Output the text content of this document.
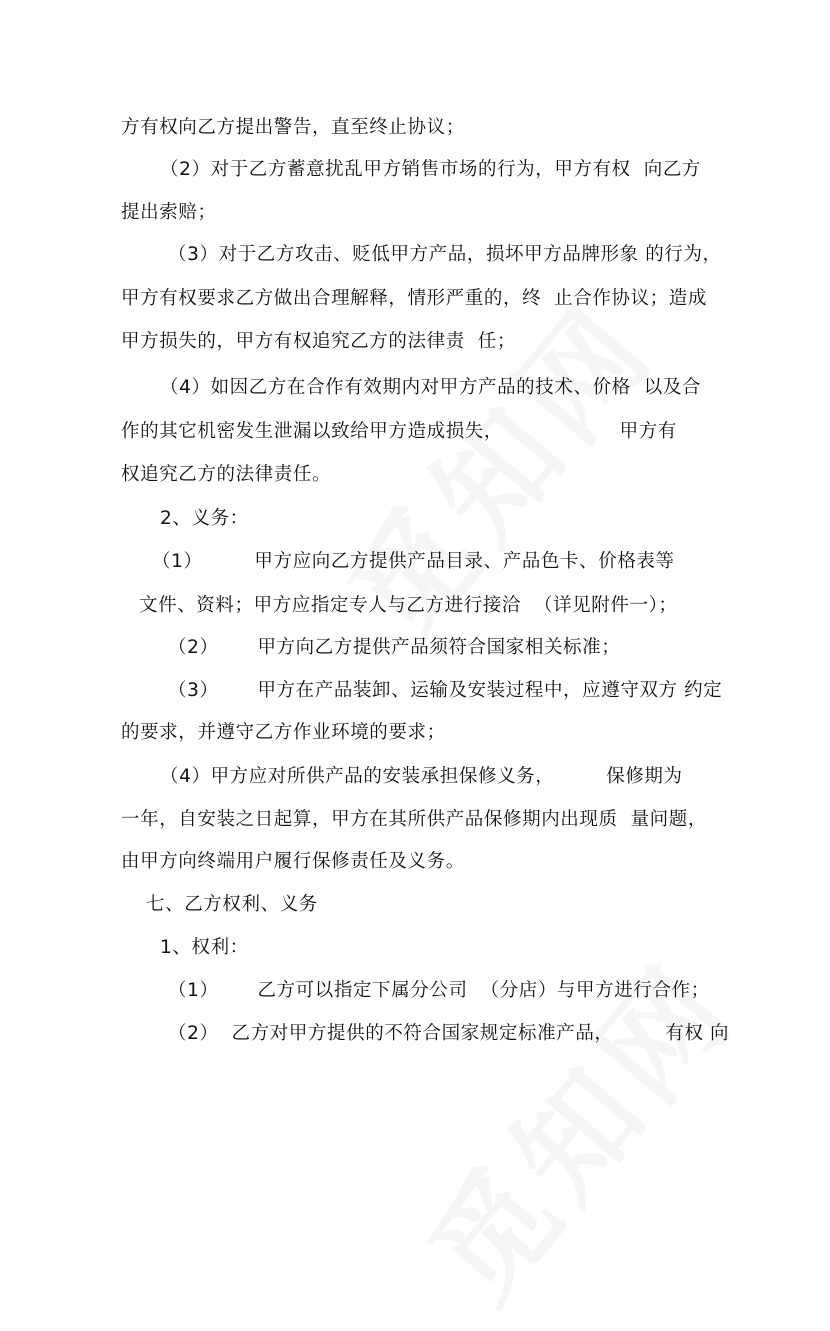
方有权向乙方提出警告，直至终止协议；
（2）对于乙方蓄意扰乱甲方销售市场的行为，甲方有权  向乙方
提出索赔；
（3）对于乙方攻击、贬低甲方产品，损坏甲方品牌形象 的行为，
甲方有权要求乙方做出合理解释，情形严重的，终  止合作协议；造成
甲方损失的，甲方有权追究乙方的法律责  任；
（4）如因乙方在合作有效期内对甲方产品的技术、价格  以及合
作的其它机密发生泄漏以致给甲方造成损失，                  甲方有
权追究乙方的法律责任。
2、义务：
（1）        甲方应向乙方提供产品目录、产品色卡、价格表等
文件、资料；甲方应指定专人与乙方进行接洽  （详见附件一）；
（2）      甲方向乙方提供产品须符合国家相关标准；
（3）      甲方在产品装卸、运输及安装过程中，应遵守双方 约定
的要求，并遵守乙方作业环境的要求；
（4）甲方应对所供产品的安装承担保修义务，        保修期为
一年，自安装之日起算，甲方在其所供产品保修期内出现质  量问题，
由甲方向终端用户履行保修责任及义务。
七、乙方权利、义务
1、权利：
（1）      乙方可以指定下属分公司  （分店）与甲方进行合作；
（2）  乙方对甲方提供的不符合国家规定标准产品，        有权 向
